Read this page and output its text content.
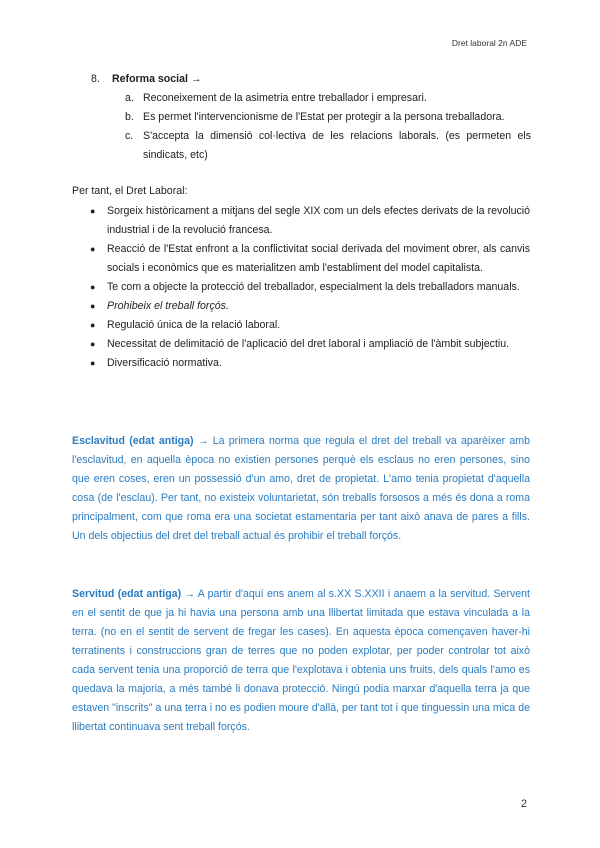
Dret laboral 2n ADE
8. Reforma social →
a. Reconeixement de la asimetria entre treballador i empresari.
b. Es permet l'intervencionisme de l'Estat per protegir a la persona treballadora.
c. S'accepta la dimensió col·lectiva de les relacions laborals. (es permeten els sindicats, etc)
Per tant, el Dret Laboral:
● Sorgeix històricament a mitjans del segle XIX com un dels efectes derivats de la revolució industrial i de la revolució francesa.
● Reacció de l'Estat enfront a la conflictivitat social derivada del moviment obrer, als canvis socials i econòmics que es materialitzen amb l'establiment del model capitalista.
● Te com a objecte la protecció del treballador, especialment la dels treballadors manuals.
● Prohibeix el treball forçós.
● Regulació única de la relació laboral.
● Necessitat de delimitació de l'aplicació del dret laboral i ampliació de l'àmbit subjectiu.
● Diversificació normativa.
Esclavitud (edat antiga) → La primera norma que regula el dret del treball va aparèixer amb l'esclavitud, en aquella època no existien persones perquè els esclaus no eren persones, sino que eren coses, eren un possessió d'un amo, dret de propietat. L'amo tenia propietat d'aquella cosa (de l'esclau). Per tant, no existeix voluntarietat, són treballs forsosos a més és dona a roma principalment, com que roma era una societat estamentaria per tant això anava de pares a fills. Un dels objectius del dret del treball actual és prohibir el treball forçós.
Servitud (edat antiga) → A partir d'aquí ens anem al s.XX S.XXII i anaem a la servitud. Servent en el sentit de que ja hi havia una persona amb una llibertat limitada que estava vinculada a la terra. (no en el sentit de servent de fregar les cases). En aquesta època començaven haver-hi terratinents i construccions gran de terres que no poden explotar, per poder controlar tot això cada servent tenia una proporció de terra que l'explotava i obtenia uns fruits, dels quals l'amo es quedava la majoria, a més també li donava protecció. Ningú podia marxar d'aquella terra ja que estaven "inscrits" a una terra i no es podien moure d'allà, per tant tot i que tinguessin una mica de llibertat continuava sent treball forçós.
2
